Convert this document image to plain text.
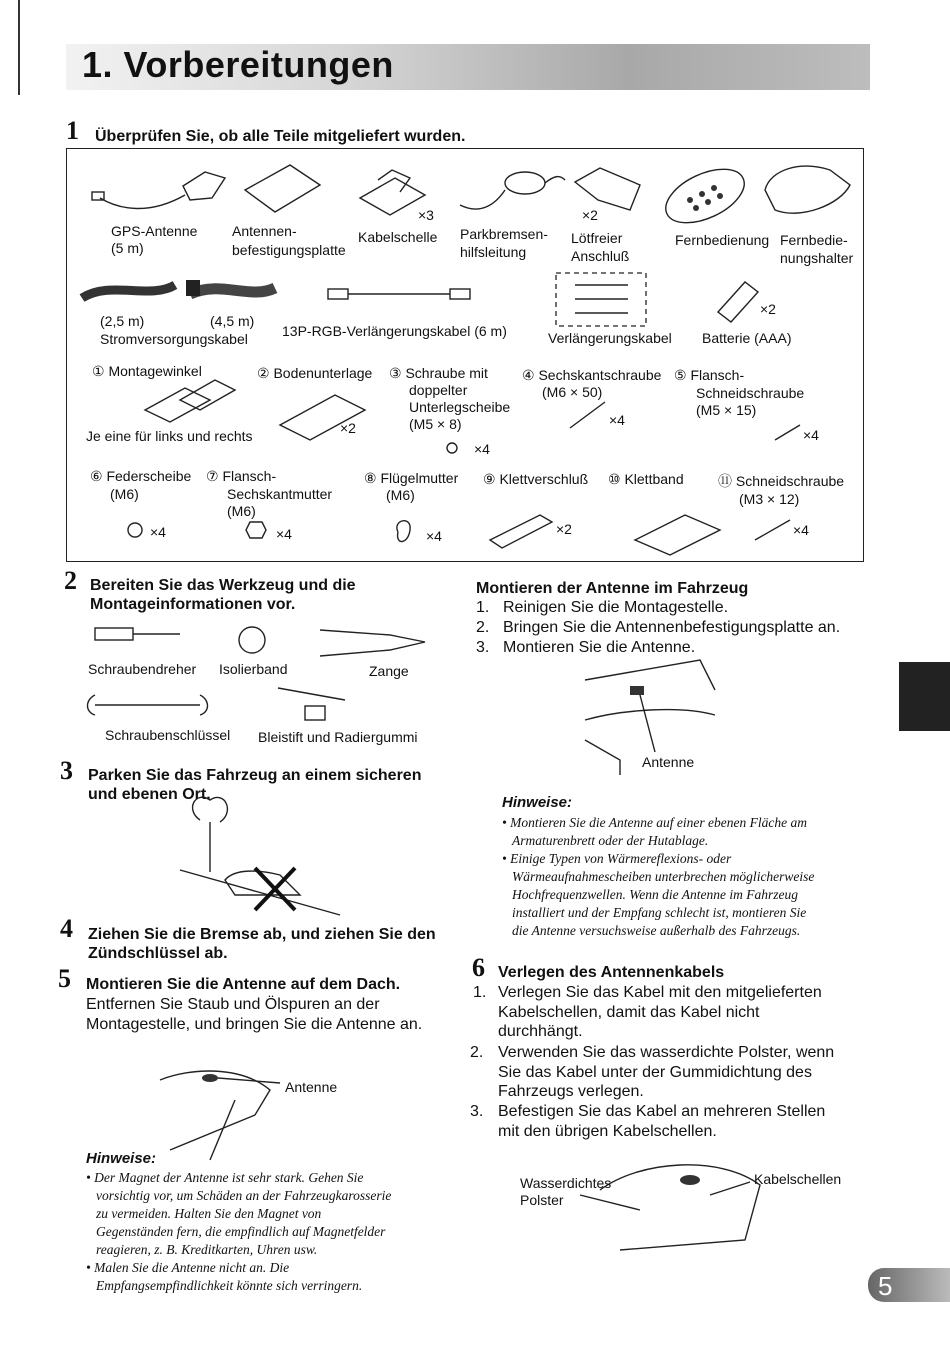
1. Vorbereitungen
1 Überprüfen Sie, ob alle Teile mitgeliefert wurden.
GPS-Antenne
(5 m)
Antennen-
befestigungsplatte
×3
Kabelschelle Parkbremsen-
hilfsleitung
×2
Lötfreier
Anschluß
Fernbedienung Fernbedie-
nungshalter
(2,5 m)	(4,5 m)
Stromversorgungskabel 13P-RGB-Verlängerungskabel (6 m)	Verlängerungskabel
×2
Batterie (AAA)
① Montagewinkel
Je eine für links und rechts
② Bodenunterlage
×2
③ Schraube mit
doppelter
Unterlegscheibe
(M5 × 8)
×4
④ Sechskantschraube
(M6 × 50)
×4
⑤ Flansch-
Schneidschraube
(M5 × 15)
×4
⑥ Federscheibe
(M6)
×4
⑦ Flansch-
Sechskantmutter
(M6)
×4
⑧ Flügelmutter
(M6)
×4
⑨ Klettverschluß
×2
⑩ Klettband ⑪ Schneidschraube
(M3 × 12)
×4
2 Bereiten Sie das Werkzeug und die
Montageinformationen vor.
Schraubendreher Isolierband	Zange
Schraubenschlüssel Bleistift und Radiergummi
3 Parken Sie das Fahrzeug an einem sicheren
und ebenen Ort.
4 Ziehen Sie die Bremse ab, und ziehen Sie den
Zündschlüssel ab.
5 Montieren Sie die Antenne auf dem Dach.
Entfernen Sie Staub und Ölspuren an der
Montagestelle, und bringen Sie die Antenne an.
Antenne
Hinweise:
• Der Magnet der Antenne ist sehr stark. Gehen Sie
vorsichtig vor, um Schäden an der Fahrzeugkarosserie
zu vermeiden. Halten Sie den Magnet von
Gegenständen fern, die empfindlich auf Magnetfelder
reagieren, z. B. Kreditkarten, Uhren usw.
• Malen Sie die Antenne nicht an. Die
Empfangsempfindlichkeit könnte sich verringern.
Montieren der Antenne im Fahrzeug
1. Reinigen Sie die Montagestelle.
2. Bringen Sie die Antennenbefestigungsplatte an.
3. Montieren Sie die Antenne.
Antenne
Hinweise:
• Montieren Sie die Antenne auf einer ebenen Fläche am
Armaturenbrett oder der Hutablage.
• Einige Typen von Wärmereflexions- oder
Wärmeaufnahmescheiben unterbrechen möglicherweise
Hochfrequenzwellen. Wenn die Antenne im Fahrzeug
installiert und der Empfang schlecht ist, montieren Sie
die Antenne versuchsweise außerhalb des Fahrzeugs.
6 Verlegen des Antennenkabels
1. Verlegen Sie das Kabel mit den mitgelieferten
Kabelschellen, damit das Kabel nicht
durchhängt.
2. Verwenden Sie das wasserdichte Polster, wenn
Sie das Kabel unter der Gummidichtung des
Fahrzeugs verlegen.
3. Befestigen Sie das Kabel an mehreren Stellen
mit den übrigen Kabelschellen.
Wasserdichtes
Polster
Kabelschellen
5
